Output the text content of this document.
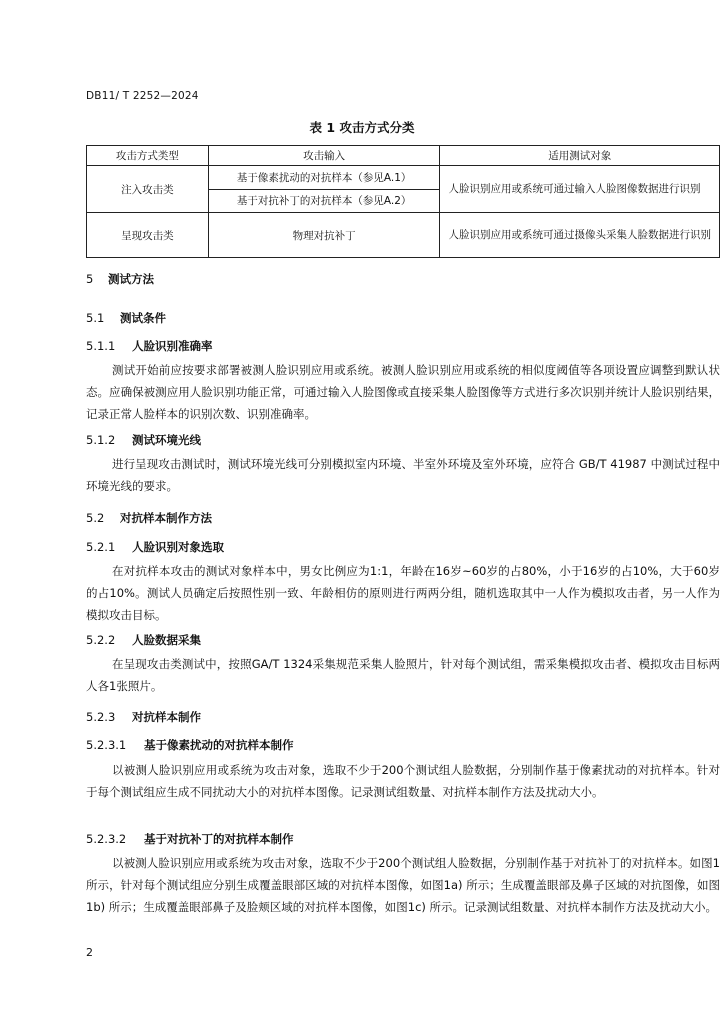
DB11/ T 2252—2024
表 1 攻击方式分类
攻击方式类型	攻击输入	适用测试对象
注入攻击类	基于像素扰动的对抗样本（参见A.1）	人脸识别应用或系统可通过输入人脸图像数据进行识别
	基于对抗补丁的对抗样本（参见A.2）	
呈现攻击类	物理对抗补丁	人脸识别应用或系统可通过摄像头采集人脸数据进行识别
5 测试方法
5.1 测试条件
5.1.1 人脸识别准确率

测试开始前应按要求部署被测人脸识别应用或系统。被测人脸识别应用或系统的相似度阈值等各项设置应调整到默认状态。应确保被测应用人脸识别功能正常，可通过输入人脸图像或直接采集人脸图像等方式进行多次识别并统计人脸识别结果，记录正常人脸样本的识别次数、识别准确率。

5.1.2 测试环境光线

进行呈现攻击测试时，测试环境光线可分别模拟室内环境、半室外环境及室外环境，应符合 GB/T 41987 中测试过程中环境光线的要求。

5.2 对抗样本制作方法
5.2.1 人脸识别对象选取

在对抗样本攻击的测试对象样本中，男女比例应为1:1，年龄在16岁~60岁的占80%，小于16岁的占10%，大于60岁的占10%。测试人员确定后按照性别一致、年龄相仿的原则进行两两分组，随机选取其中一人作为模拟攻击者，另一人作为模拟攻击目标。

5.2.2 人脸数据采集

在呈现攻击类测试中，按照GA/T 1324采集规范采集人脸照片，针对每个测试组，需采集模拟攻击者、模拟攻击目标两人各1张照片。

5.2.3 对抗样本制作
5.2.3.1 基于像素扰动的对抗样本制作

以被测人脸识别应用或系统为攻击对象，选取不少于200个测试组人脸数据，分别制作基于像素扰动的对抗样本。针对于每个测试组应生成不同扰动大小的对抗样本图像。记录测试组数量、对抗样本制作方法及扰动大小。

5.2.3.2 基于对抗补丁的对抗样本制作

以被测人脸识别应用或系统为攻击对象，选取不少于200个测试组人脸数据，分别制作基于对抗补丁的对抗样本。如图1所示，针对每个测试组应分别生成覆盖眼部区域的对抗样本图像，如图1a) 所示；生成覆盖眼部及鼻子区域的对抗图像，如图1b) 所示；生成覆盖眼部鼻子及脸颊区域的对抗样本图像，如图1c) 所示。记录测试组数量、对抗样本制作方法及扰动大小。

2
